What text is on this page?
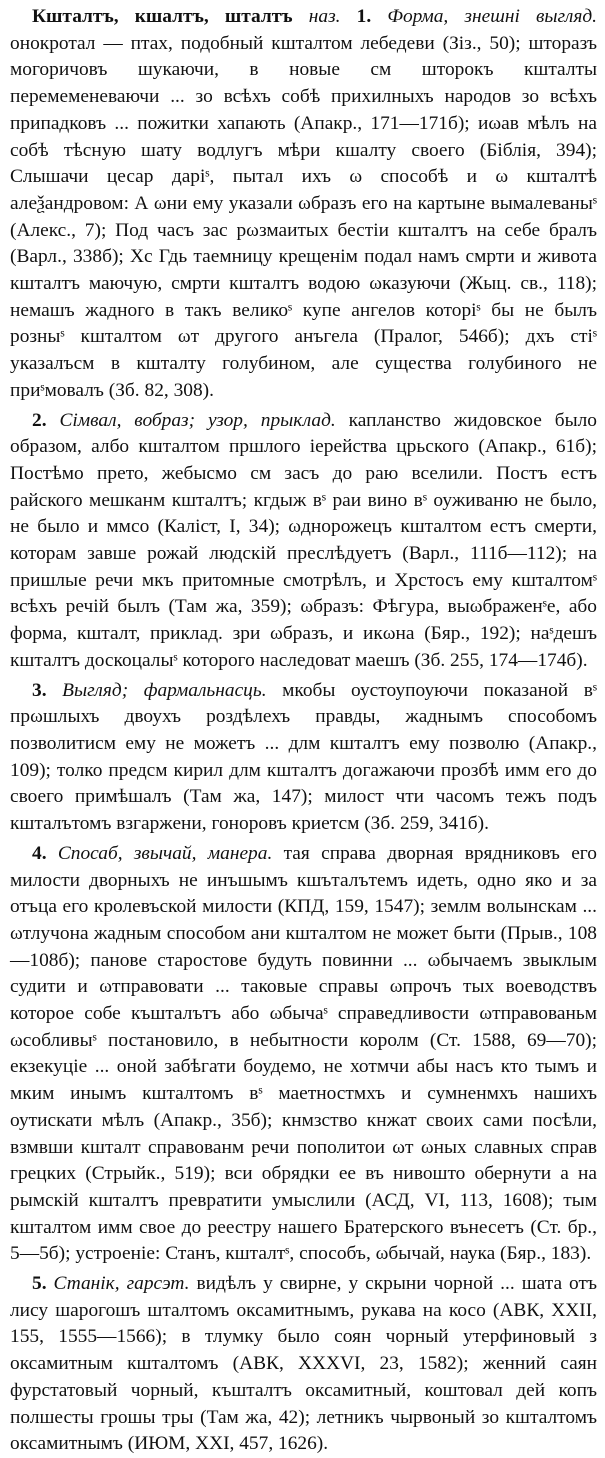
Кшталтъ, кшалтъ, шталтъ наз. 1. Форма, знешні выгляд. онокротал — птах, подобный кшталтом лебедеви (Зіз., 50); шторазъ могоричовъ шукаючи, в новые см шторокъ кшталты перемеменеваючи ... зо всѣхъ собѣ прихилныхъ народов зо всѣхъ припадковъ ... пожитки хапають (Апакр., 171—171б); иωав мѣлъ на собѣ тѣсную шату водлугъ мѣри кшалту своего (Біблія, 394); Слышачи цесар даріˢ, пытал ихъ ω способѣ и ω кшталтѣ алеѯандровом: А ωни ему указали ωбразъ его на картыне вымалеваныˢ (Алекс., 7); Под часъ зас рωзмаитых бестіи кшталтъ на себе бралъ (Варл., 338б); Хс Гдь таемницу крещенім подал намъ смрти и живота кшталтъ маючую, смрти кшталтъ водою ωказуючи (Жыц. св., 118); немашъ жадного в такъ великоˢ купе ангелов которіˢ бы не былъ розныˢ кшталтом ωт другого анъгела (Пралог, 546б); дхъ стіˢ указалъсм в кшталту голубином, але существа голубиного не приˢмовалъ (Зб. 82, 308).

2. Сімвал, вобраз; узор, прыклад. капланство жидовское было образом, албо кшталтом пршлого іерейства црьского (Апакр., 61б); Постѣмо прето, жебысмо см засъ до раю вселили. Постъ естъ райского мешканм кшталтъ; кгдыж вˢ раи вино вˢ оуживаню не было, не было и ммсо (Каліст, I, 34); ωднорожецъ кшталтом естъ смерти, которам завше рожай людскій преслѣдуетъ (Варл., 111б—112); на пришлые речи мкъ притомные смотрѣлъ, и Хрстосъ ему кшталтомˢ всѣхъ речій былъ (Там жа, 359); ωбразъ: Фѣгура, выωбраженˢе, або форма, кшталт, приклад. зри ωбразъ, и икωна (Бяр., 192); наˢдешъ кшталтъ доскоцалыˢ которого наследоват маешъ (Зб. 255, 174—174б).

3. Выгляд; фармальнасць. мкобы оустоупоуючи показаной вˢ прωшлыхъ двоухъ роздѣлехъ правды, жаднымъ способомъ позволитисм ему не можетъ ... длм кшталтъ ему позволю (Апакр., 109); толко предсм кирил длм кшталтъ догажаючи прозбѣ имм его до своего примѣшалъ (Там жа, 147); милост чти часомъ тежъ подъ кшталътомъ взгаржени, гоноровъ криетсм (Зб. 259, 341б).

4. Спосаб, звычай, манера. тая справа дворная врядниковъ его милости дворныхъ не инъшымъ кшъталътемъ идеть, одно яко и за отъца его кролевъской милости (КПД, 159, 1547); землм волынскам ... ωтлучона жадным способом ани кшталтом не может быти (Прыв., 108—108б); панове старостове будуть повинни ... ωбычаемъ звыклым судити и ωтправовати ... таковые справы ωпрочъ тых воеводствъ которое собе къшталътъ або ωбычаˢ справедливости ωтправованьм ωсобливыˢ постановило, в небытности королм (Ст. 1588, 69—70); екзекуціе ... оной забѣгати боудемо, не хотмчи абы насъ кто тымъ и мким инымъ кшталтомъ вˢ маетностмхъ и сумненмхъ нашихъ оутискати мѣлъ (Апакр., 35б); кнмзство кнжат своих сами посѣли, взмвши кшталт справованм речи пополитои ωт ωных славных справ грецких (Стрыйк., 519); вси обрядки ее въ нивошто обернути а на рымскій кшталтъ превратити умыслили (АСД, VI, 113, 1608); тым кшталтом имм свое до реестру нашего Братерского вънесетъ (Ст. бр., 5—5б); устроеніе: Станъ, кшталтˢ, способъ, ωбычай, наука (Бяр., 183).

5. Станік, гарсэт. видѣлъ у свирне, у скрыни чорной ... шата отъ лису шарогошъ шталтомъ оксамитнымъ, рукава на косо (АВК, XXII, 155, 1555—1566); в тлумку было соян чорный утерфиновый з оксамитным кшталтомъ (АВК, XXXVI, 23, 1582); женний саян фурстатовый чорный, къшталтъ оксамитный, коштовал дей копъ полшесты грошы тры (Там жа, 42); летникъ чырвоный зо кшталтомъ оксамитнымъ (ИЮМ, XXI, 457, 1626).
